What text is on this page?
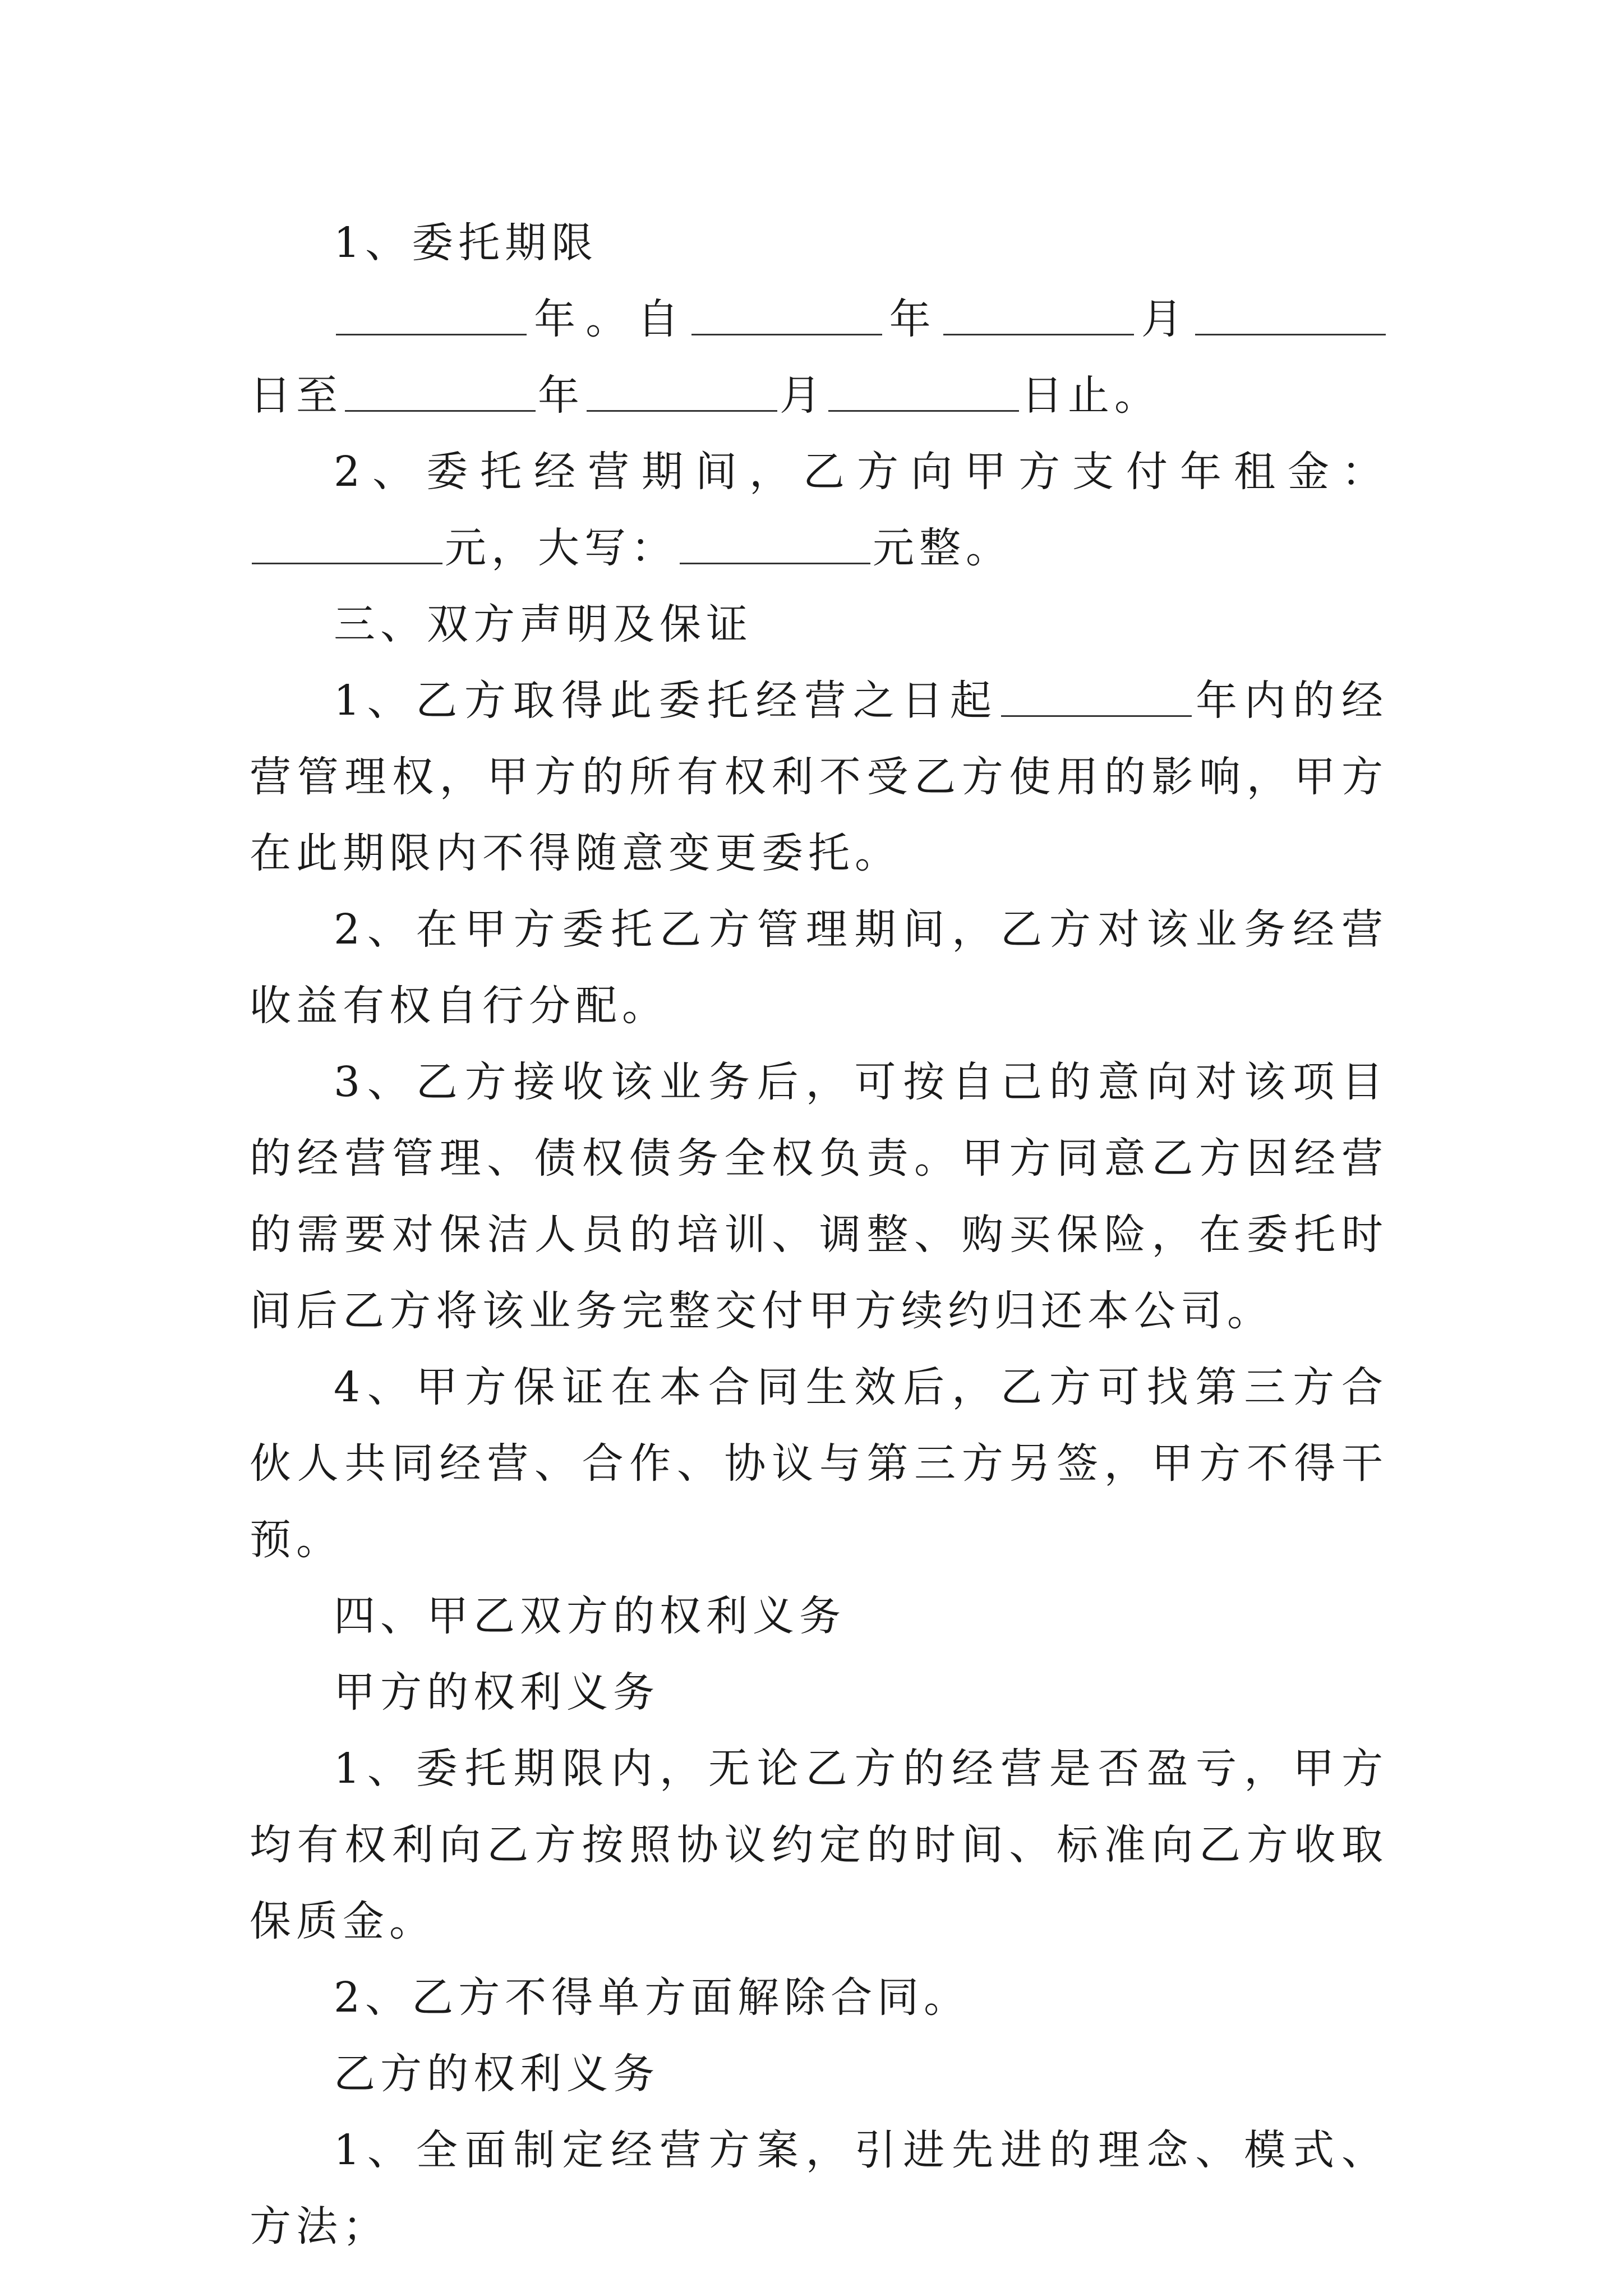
1、委托期限

年。自	年	月日至	年	月	日止。

2、委托经营期间，乙方向甲方支付年租金：元，大写：	元整。

三、双方声明及保证

1、乙方取得此委托经营之日起	年内的经营管理权，甲方的所有权利不受乙方使用的影响，甲方在此期限内不得随意变更委托。

2、在甲方委托乙方管理期间，乙方对该业务经营收益有权自行分配。

3、乙方接收该业务后，可按自己的意向对该项目的经营管理、债权债务全权负责。甲方同意乙方因经营的需要对保洁人员的培训、调整、购买保险，在委托时间后乙方将该业务完整交付甲方续约归还本公司。

4、甲方保证在本合同生效后，乙方可找第三方合伙人共同经营、合作、协议与第三方另签，甲方不得干预。

四、甲乙双方的权利义务

甲方的权利义务

1、委托期限内，无论乙方的经营是否盈亏，甲方均有权利向乙方按照协议约定的时间、标准向乙方收取保质金。

2、乙方不得单方面解除合同。

乙方的权利义务

1、全面制定经营方案，引进先进的理念、模式、方法；
